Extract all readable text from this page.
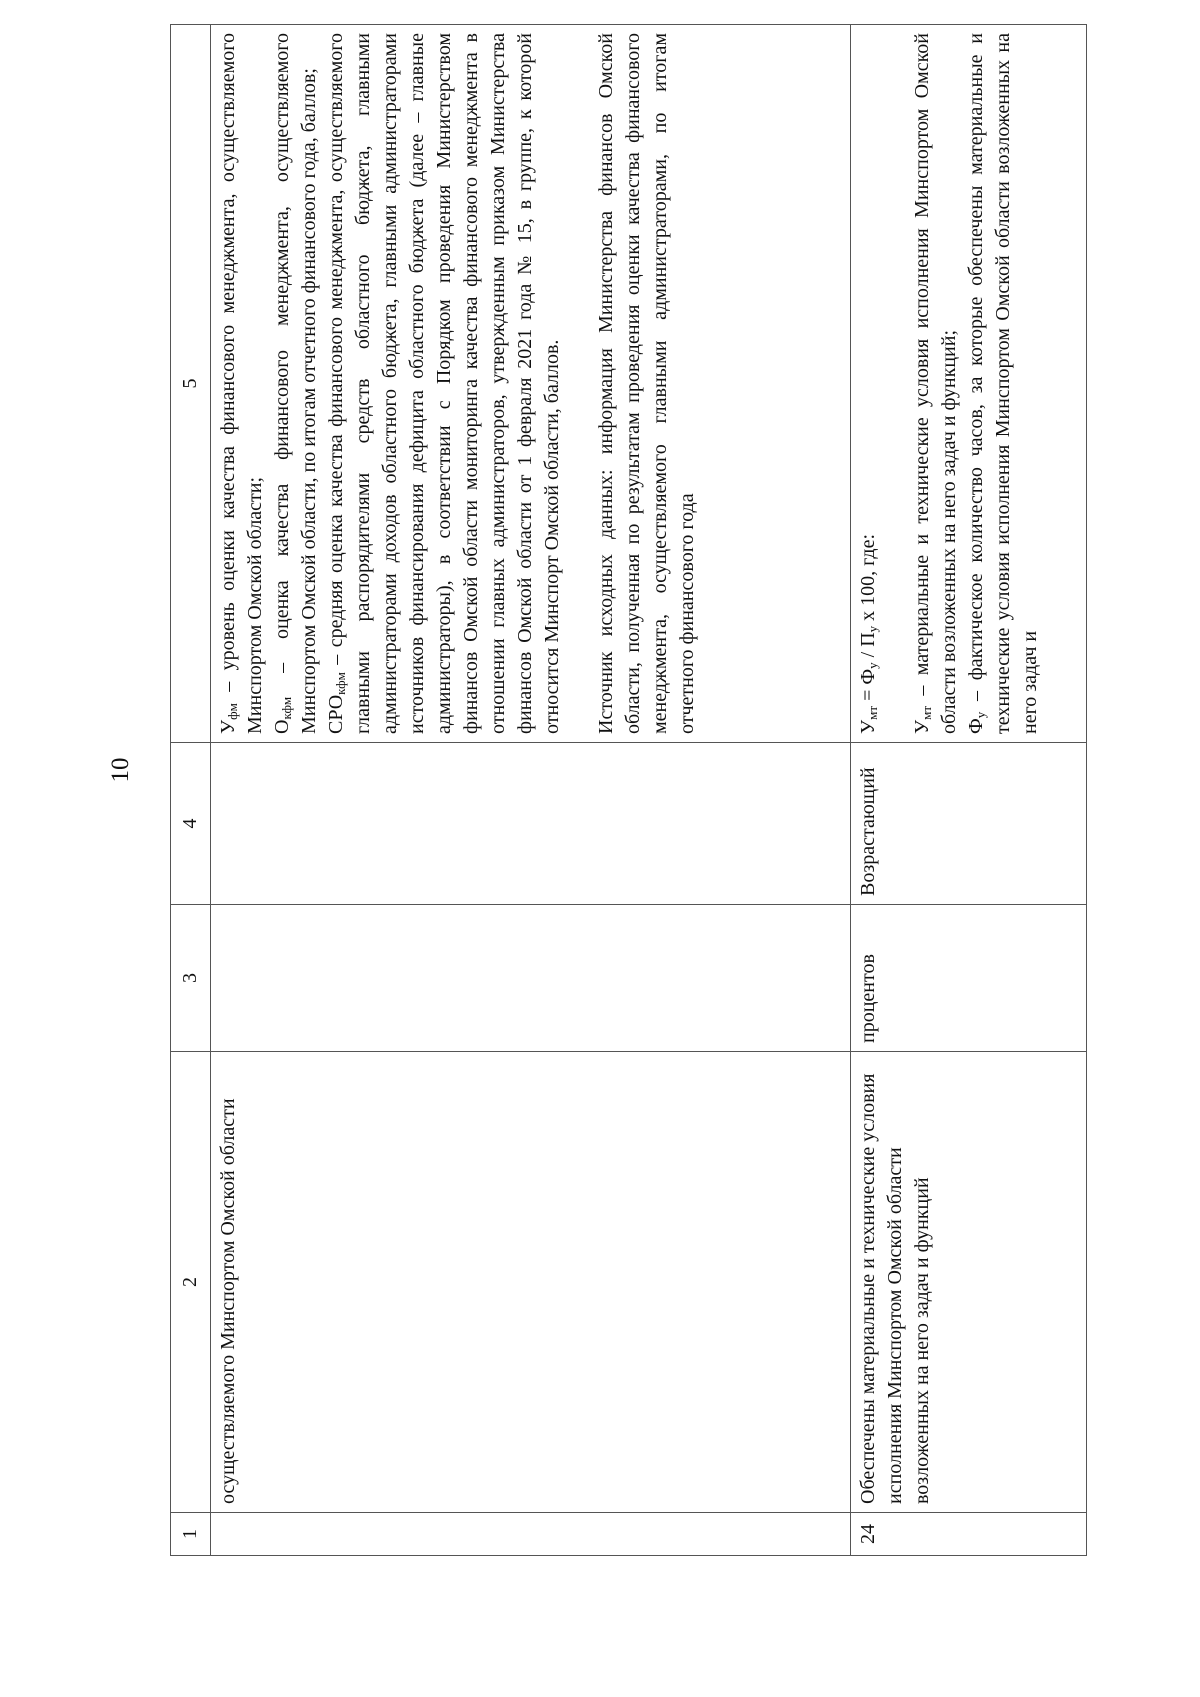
10
1	2	3	4	5
	осуществляемого Минспортом Омской области			$У_{фм}$ – уровень оценки качества финансового менеджмента, осуществляемого Минспортом Омской области; $О_{кфм}$ – оценка качества финансового менеджмента, осуществляемого Минспортом Омской области, по итогам отчетного финансового года, баллов; $СРО_{кфм}$ – средняя оценка качества финансового менеджмента, осуществляемого главными распорядителями средств областного бюджета, главными администраторами доходов областного бюджета, главными администраторами источников финансирования дефицита областного бюджета (далее – главные администраторы), в соответствии с Порядком проведения Министерством финансов Омской области мониторинга качества финансового менеджмента в отношении главных администраторов, утвержденным приказом Министерства финансов Омской области от 1 февраля 2021 года № 15, в группе, к которой относится Минспорт Омской области, баллов. Источник исходных данных: информация Министерства финансов Омской области, полученная по результатам проведения оценки качества финансового менеджмента, осуществляемого главными администраторами, по итогам отчетного финансового года

24	Обеспечены материальные и технические условия исполнения Минспортом Омской области возложенных на него задач и функций	процентов	Возрастающий	$У_{мт} = Ф_у / П_у$ х 100, где:

$У_{мт}$ – материальные и технические условия исполнения Минспортом Омской области возложенных на него задач и функций; $Ф_у$ – фактическое количество часов, за которые обеспечены материальные и технические условия исполнения Минспортом Омской области возложенных на него задач и
